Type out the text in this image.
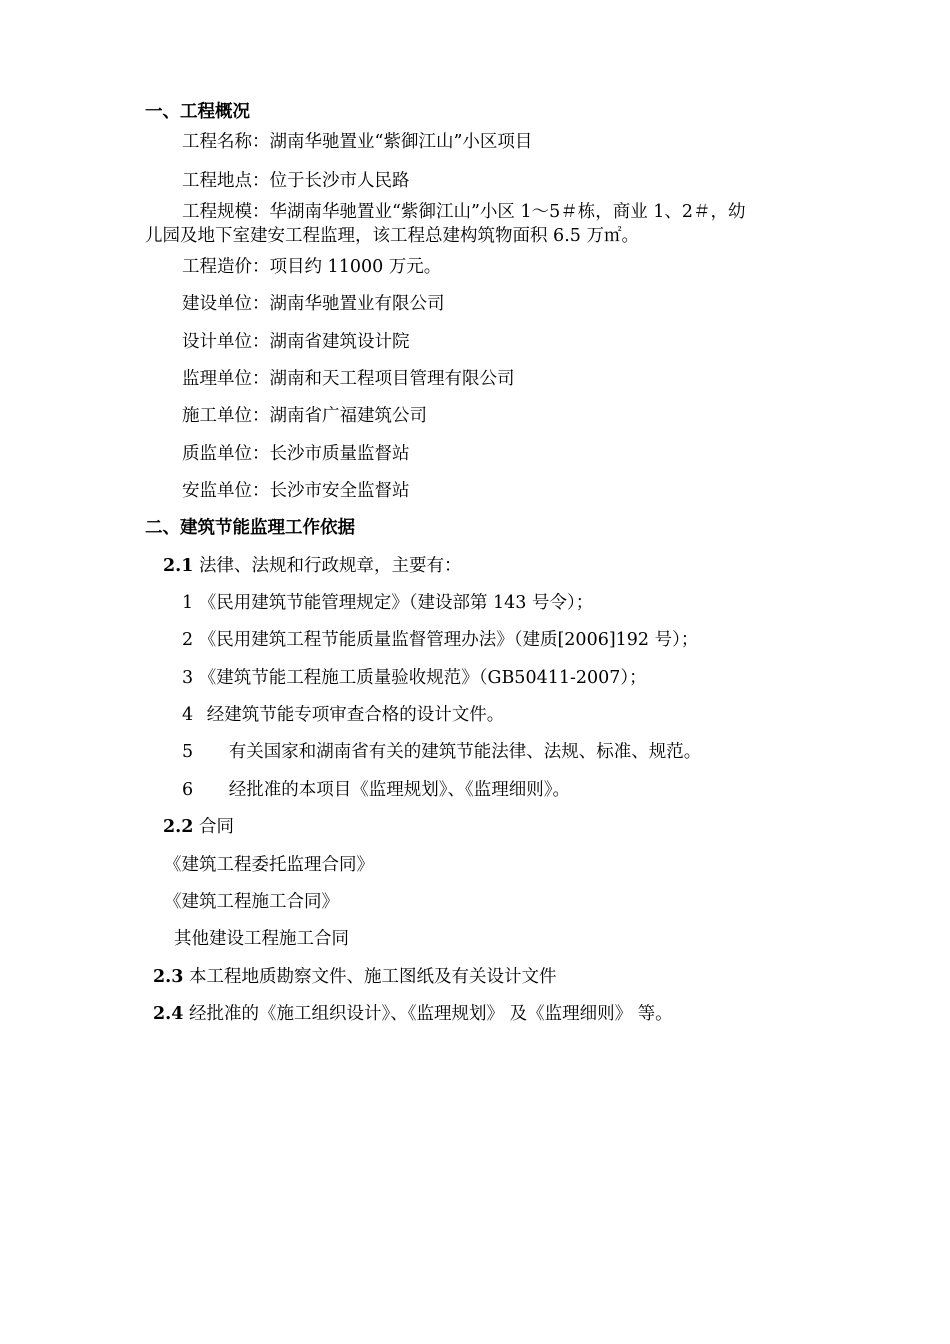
一、工程概况
工程名称：湖南华驰置业“紫御江山”小区项目
工程地点：位于长沙市人民路
工程规模：华湖南华驰置业“紫御江山”小区 1～5＃栋，商业 1、2＃，幼
儿园及地下室建安工程监理，该工程总建构筑物面积 6.5 万㎡。
工程造价：项目约 11000 万元。
建设单位：湖南华驰置业有限公司
设计单位：湖南省建筑设计院
监理单位：湖南和天工程项目管理有限公司
施工单位：湖南省广福建筑公司
质监单位：长沙市质量监督站
安监单位：长沙市安全监督站
二、建筑节能监理工作依据
2.1 法律、法规和行政规章，主要有：
1 《民用建筑节能管理规定》（建设部第 143 号令）；
2 《民用建筑工程节能质量监督管理办法》（建质[2006]192 号）；
3 《建筑节能工程施工质量验收规范》（GB50411-2007）；
4 经建筑节能专项审查合格的设计文件。
5 有关国家和湖南省有关的建筑节能法律、法规、标准、规范。
6 经批准的本项目《监理规划》、《监理细则》。
2.2 合同
《建筑工程委托监理合同》
《建筑工程施工合同》
其他建设工程施工合同
2.3 本工程地质勘察文件、施工图纸及有关设计文件
2.4 经批准的《施工组织设计》、《监理规划》 及《监理细则》 等。
